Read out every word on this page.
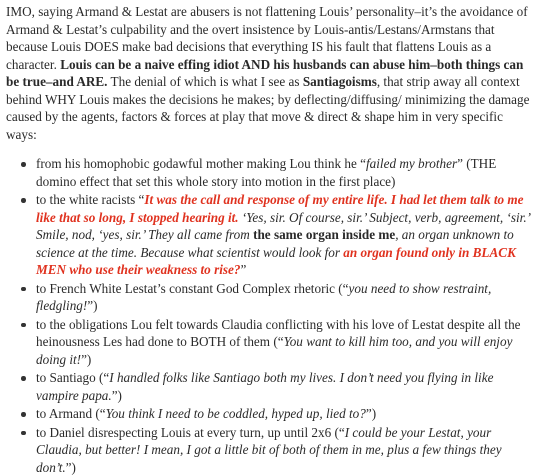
IMO, saying Armand & Lestat are abusers is not flattening Louis’ personality–it’s the avoidance of Armand & Lestat’s culpability and the overt insistence by Louis-antis/Lestans/Armstans that because Louis DOES make bad decisions that everything IS his fault that flattens Louis as a character. Louis can be a naive effing idiot AND his husbands can abuse him–both things can be true–and ARE. The denial of which is what I see as Santiagoisms, that strip away all context behind WHY Louis makes the decisions he makes; by deflecting/diffusing/ minimizing the damage caused by the agents, factors & forces at play that move & direct & shape him in very specific ways:

from his homophobic godawful mother making Lou think he “failed my brother” (THE domino effect that set this whole story into motion in the first place)
to the white racists “It was the call and response of my entire life. I had let them talk to me like that so long, I stopped hearing it. ‘Yes, sir. Of course, sir.’ Subject, verb, agreement, ‘sir.’ Smile, nod, ‘yes, sir.’ They all came from the same organ inside me, an organ unknown to science at the time. Because what scientist would look for an organ found only in BLACK MEN who use their weakness to rise?”
to French White Lestat’s constant God Complex rhetoric (“you need to show restraint, fledgling!”)
to the obligations Lou felt towards Claudia conflicting with his love of Lestat despite all the heinousness Les had done to BOTH of them (“You want to kill him too, and you will enjoy doing it!”)
to Santiago (“I handled folks like Santiago both my lives. I don’t need you flying in like vampire papa.”)
to Armand (“You think I need to be coddled, hyped up, lied to?”)
to Daniel disrespecting Louis at every turn, up until 2x6 (“I could be your Lestat, your Claudia, but better! I mean, I got a little bit of both of them in me, plus a few things they don’t.”)
